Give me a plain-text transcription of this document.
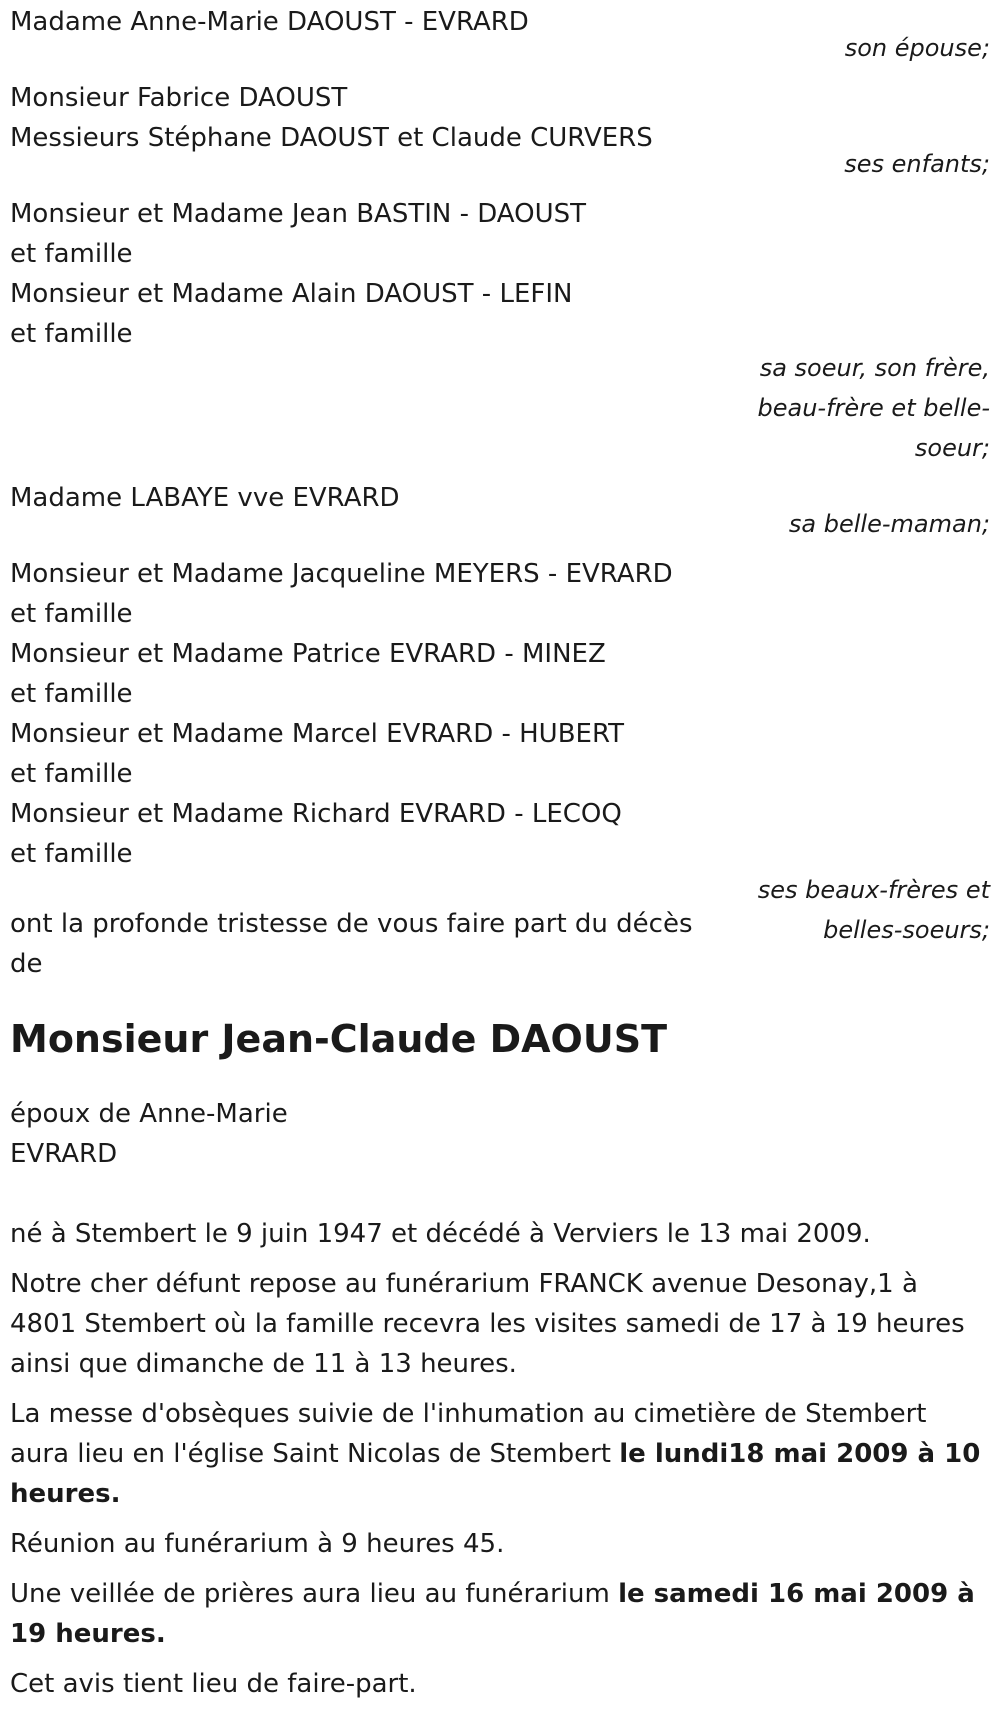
Madame Anne-Marie DAOUST - EVRARD
son épouse;
Monsieur Fabrice DAOUST
Messieurs Stéphane DAOUST et Claude CURVERS
ses enfants;
Monsieur et Madame Jean BASTIN - DAOUST
et famille
Monsieur et Madame Alain DAOUST - LEFIN
et famille
sa soeur, son frère,
beau-frère et belle-
soeur;
Madame LABAYE vve EVRARD
sa belle-maman;
Monsieur et Madame Jacqueline MEYERS - EVRARD
et famille
Monsieur et Madame Patrice EVRARD - MINEZ
et famille
Monsieur et Madame Marcel EVRARD - HUBERT
et famille
Monsieur et Madame Richard EVRARD - LECOQ
et famille
ses beaux-frères et
belles-soeurs;

ont la profonde tristesse de vous faire part du décès de

Monsieur Jean-Claude DAOUST
époux de Anne-Marie EVRARD

né à Stembert le 9 juin 1947 et décédé à Verviers le 13 mai 2009.

Notre cher défunt repose au funérarium FRANCK avenue Desonay,1 à 4801 Stembert où la famille recevra les visites samedi de 17 à 19 heures ainsi que dimanche de 11 à 13 heures.

La messe d'obsèques suivie de l'inhumation au cimetière de Stembert aura lieu en l'église Saint Nicolas de Stembert le lundi18 mai 2009 à 10 heures.

Réunion au funérarium à 9 heures 45.

Une veillée de prières aura lieu au funérarium le samedi 16 mai 2009 à 19 heures.

Cet avis tient lieu de faire-part.
